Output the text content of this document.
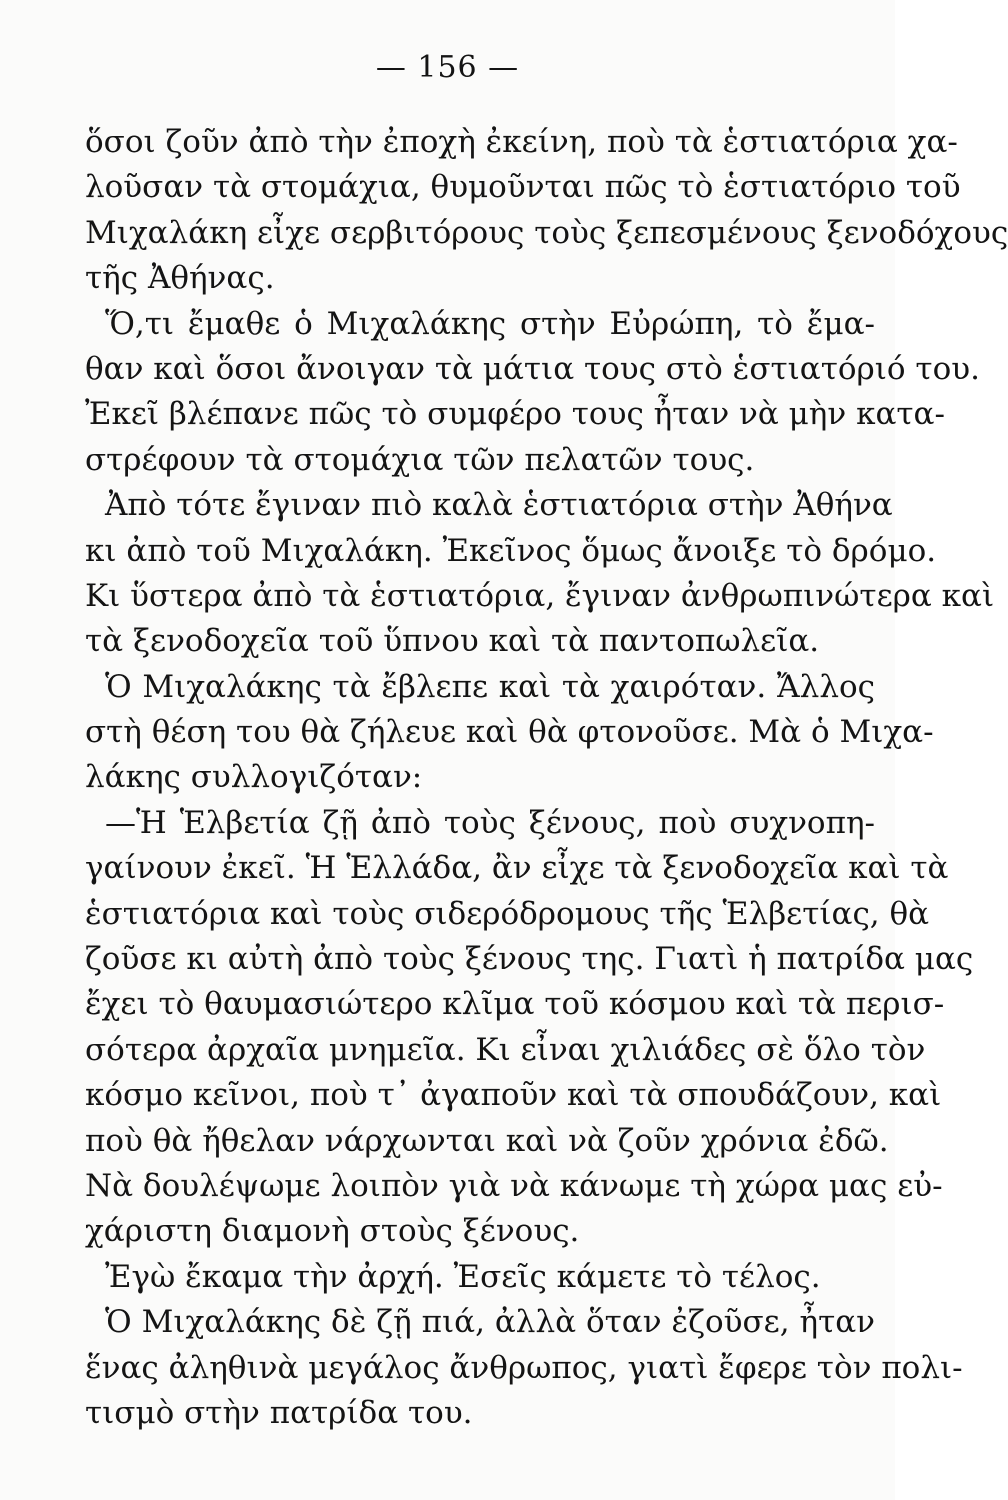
— 156 —
ὅσοι ζοῦν ἀπὸ τὴν ἐποχὴ ἐκείνη, ποὺ τὰ ἑστιατόρια χα-
λοῦσαν τὰ στομάχια, θυμοῦνται πῶς τὸ ἑστιατόριο τοῦ
Μιχαλάκη εἶχε σερβιτόρους τοὺς ξεπεσμένους ξενοδόχους
τῆς Ἀθήνας.
Ὅ,τι ἔμαθε ὁ Μιχαλάκης στὴν Εὐρώπη, τὸ ἔμα-
θαν καὶ ὅσοι ἄνοιγαν τὰ μάτια τους στὸ ἑστιατόριό του.
Ἐκεῖ βλέπανε πῶς τὸ συμφέρο τους ἦταν νὰ μὴν κατα-
στρέφουν τὰ στομάχια τῶν πελατῶν τους.
Ἀπὸ τότε ἔγιναν πιὸ καλὰ ἑστιατόρια στὴν Ἀθήνα
κι ἀπὸ τοῦ Μιχαλάκη. Ἐκεῖνος ὅμως ἄνοιξε τὸ δρόμο.
Κι ὕστερα ἀπὸ τὰ ἑστιατόρια, ἔγιναν ἀνθρωπινώτερα καὶ
τὰ ξενοδοχεῖα τοῦ ὕπνου καὶ τὰ παντοπωλεῖα.
Ὁ Μιχαλάκης τὰ ἔβλεπε καὶ τὰ χαιρόταν. Ἄλλος
στὴ θέση του θὰ ζήλευε καὶ θὰ φτονοῦσε. Μὰ ὁ Μιχα-
λάκης συλλογιζόταν:
—Ἡ Ἑλβετία ζῇ ἀπὸ τοὺς ξένους, ποὺ συχνοπη-
γαίνουν ἐκεῖ. Ἡ Ἑλλάδα, ἂν εἶχε τὰ ξενοδοχεῖα καὶ τὰ
ἑστιατόρια καὶ τοὺς σιδερόδρομους τῆς Ἑλβετίας, θὰ
ζοῦσε κι αὐτὴ ἀπὸ τοὺς ξένους της. Γιατὶ ἡ πατρίδα μας
ἔχει τὸ θαυμασιώτερο κλῖμα τοῦ κόσμου καὶ τὰ περισ-
σότερα ἀρχαῖα μνημεῖα. Κι εἶναι χιλιάδες σὲ ὅλο τὸν
κόσμο κεῖνοι, ποὺ τ᾽ ἀγαποῦν καὶ τὰ σπουδάζουν, καὶ
ποὺ θὰ ἤθελαν νάρχωνται καὶ νὰ ζοῦν χρόνια ἐδῶ.
Νὰ δουλέψωμε λοιπὸν γιὰ νὰ κάνωμε τὴ χώρα μας εὐ-
χάριστη διαμονὴ στοὺς ξένους.
Ἐγὼ ἔκαμα τὴν ἀρχή. Ἐσεῖς κάμετε τὸ τέλος.
Ὁ Μιχαλάκης δὲ ζῇ πιά, ἀλλὰ ὅταν ἐζοῦσε, ἦταν
ἕνας ἀληθινὰ μεγάλος ἄνθρωπος, γιατὶ ἔφερε τὸν πολι-
τισμὸ στὴν πατρίδα του.
